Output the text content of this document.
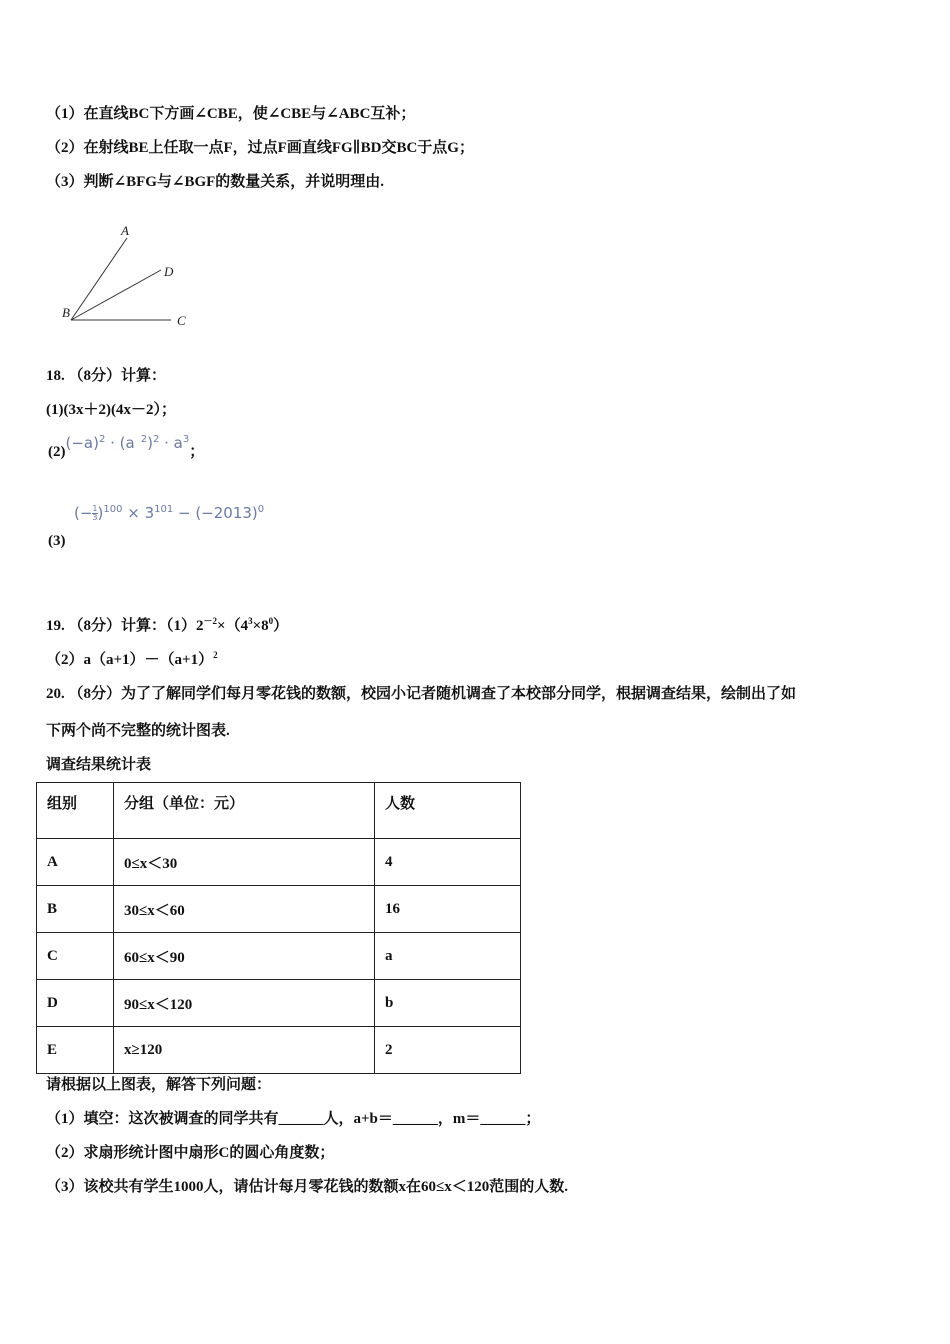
（1）在直线BC下方画∠CBE，使∠CBE与∠ABC互补；
（2）在射线BE上任取一点F，过点F画直线FG∥BD交BC于点G；
（3）判断∠BFG与∠BGF的数量关系，并说明理由.
A
D
B
C
18. （8分）计算：
(1)(3x＋2)(4x－2）；
$(2)(-a)^2 \cdot (a$ $^2)^2 \cdot a^3$；
(− $\frac{1}{3} )^{100} \times 3^{101} - (-2013)^0$
(3)
19. （8分）计算：$(1)2^{-2}\times(4^3\times 8^0)$
$(2)a(a+1)-(a+1)^2$
20. （8分）为了了解同学们每月零花钱的数额，校园小记者随机调查了本校部分同学，根据调查结果，绘制出了如
下两个尚不完整的统计图表.
调查结果统计表
组别	分组（单位：元）	人数
A	0≤x＜30	4
B	30≤x＜60	16
C	60≤x＜90	a
D	90≤x＜120	b
E	x≥120	2
请根据以上图表，解答下列问题：
（1）填空：这次被调查的同学共有______人，a+b＝______，m＝______；
（2）求扇形统计图中扇形C的圆心角度数；
（3）该校共有学生1000人，请估计每月零花钱的数额x在60≤x＜120范围的人数.
